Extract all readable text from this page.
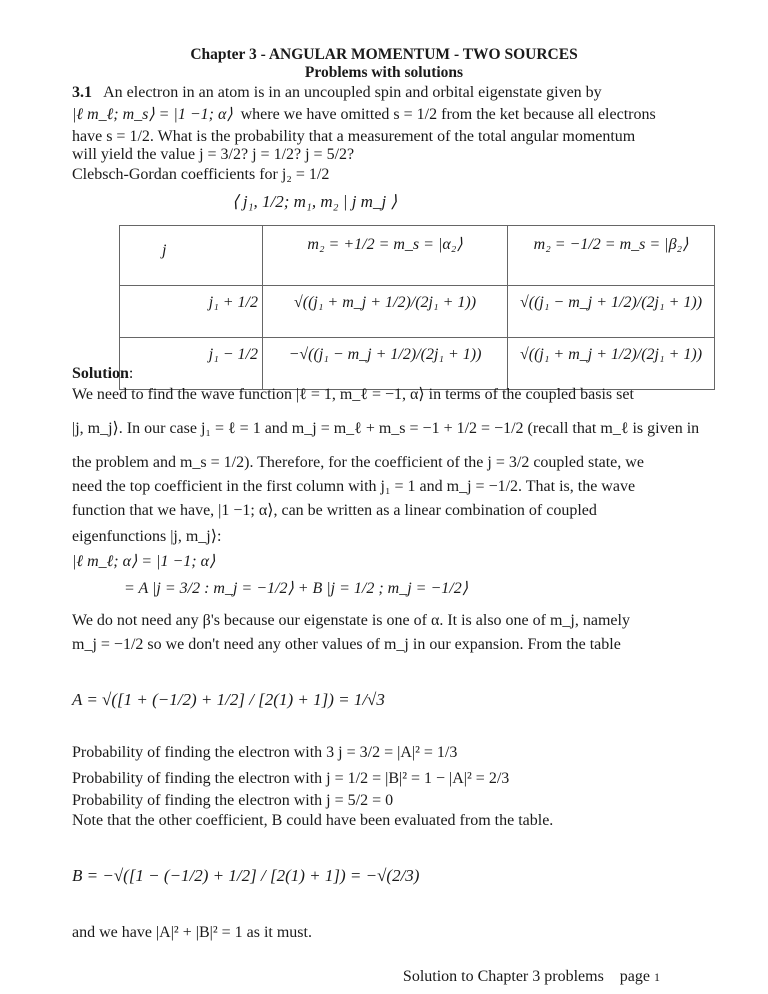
Chapter 3 - ANGULAR MOMENTUM - TWO SOURCES
Problems with solutions
3.1 An electron in an atom is in an uncoupled spin and orbital eigenstate given by
|ℓ m_ℓ; m_s⟩ = |1 −1; α⟩ where we have omitted s = 1/2 from the ket because all electrons
have s = 1/2. What is the probability that a measurement of the total angular momentum
will yield the value j = 3/2? j = 1/2? j = 5/2?
Clebsch-Gordan coefficients for j₂ = 1/2
⟨ j₁, 1/2; m₁, m₂ | j m_j ⟩
j	m₂ = +1/2 = m_s = |α₂⟩	m₂ = −1/2 = m_s = |β₂⟩
j₁ + 1/2	√((j₁ + m_j + 1/2)/(2j₁ + 1))	√((j₁ − m_j + 1/2)/(2j₁ + 1))
j₁ − 1/2	−√((j₁ − m_j + 1/2)/(2j₁ + 1))	√((j₁ + m_j + 1/2)/(2j₁ + 1))
Solution:
We need to find the wave function |ℓ = 1, m_ℓ = −1, α⟩ in terms of the coupled basis set
|j, m_j⟩. In our case j₁ = ℓ = 1 and m_j = m_ℓ + m_s = −1 + 1/2 = −1/2 (recall that m_ℓ is given in
the problem and m_s = 1/2). Therefore, for the coefficient of the j = 3/2 coupled state, we
need the top coefficient in the first column with j₁ = 1 and m_j = −1/2. That is, the wave
function that we have, |1 −1; α⟩, can be written as a linear combination of coupled
eigenfunctions |j, m_j⟩:
|ℓ m_ℓ; α⟩ = |1 −1; α⟩
= A |j = 3/2 : m_j = −1/2⟩ + B |j = 1/2 ; m_j = −1/2⟩
We do not need any β's because our eigenstate is one of α. It is also one of m_j, namely
m_j = −1/2 so we don't need any other values of m_j in our expansion. From the table
A = √([1 + (−1/2) + 1/2] / [2(1) + 1]) = 1/√3
Probability of finding the electron with 3 j = 3/2 = |A|² = 1/3
Probability of finding the electron with j = 1/2 = |B|² = 1 − |A|² = 2/3
Probability of finding the electron with j = 5/2 = 0
Note that the other coefficient, B could have been evaluated from the table.
B = −√([1 − (−1/2) + 1/2] / [2(1) + 1]) = −√(2/3)
and we have |A|² + |B|² = 1 as it must.
Solution to Chapter 3 problems page 1
